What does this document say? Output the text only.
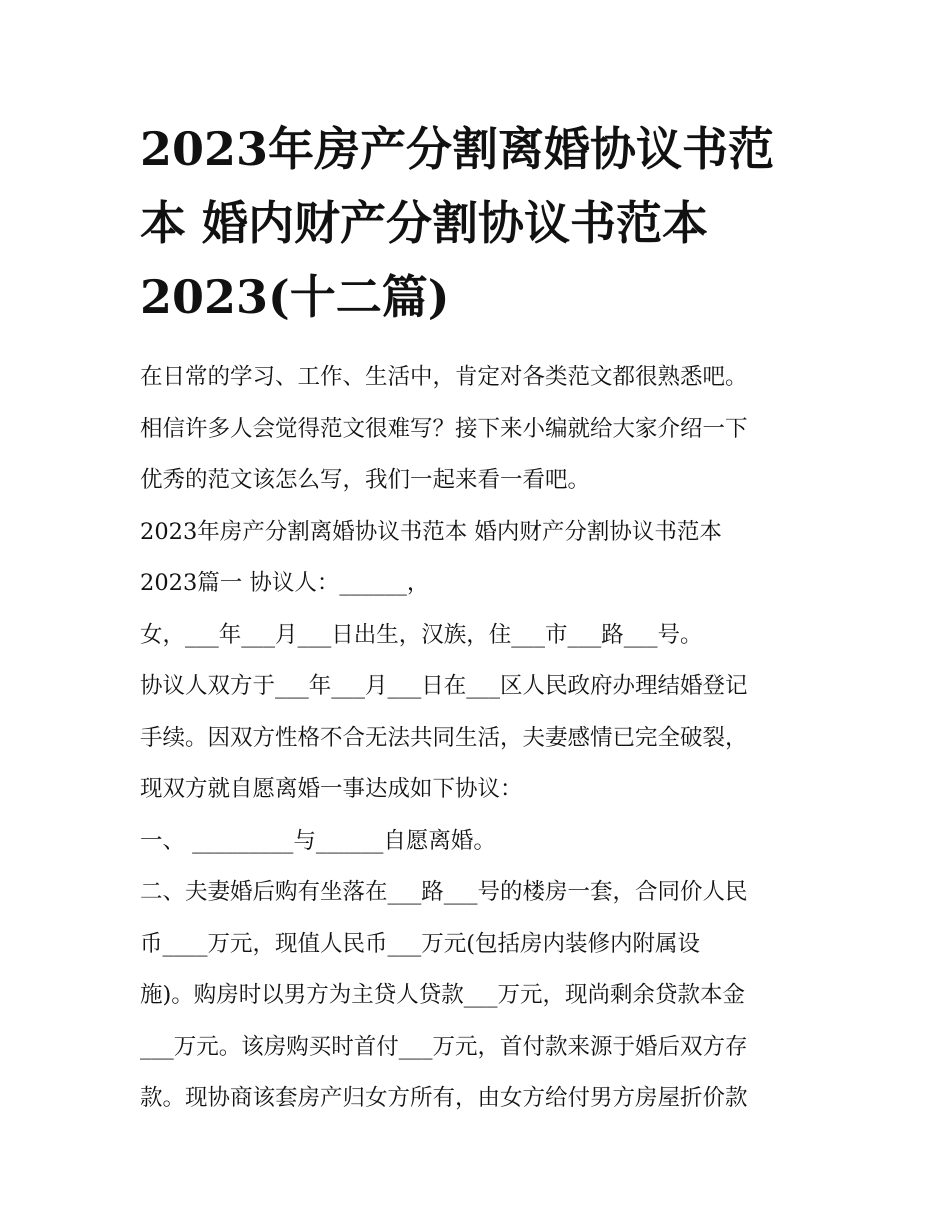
2023年房产分割离婚协议书范
本 婚内财产分割协议书范本
2023(十二篇)
在日常的学习、工作、生活中，肯定对各类范文都很熟悉吧。
相信许多人会觉得范文很难写？接下来小编就给大家介绍一下
优秀的范文该怎么写，我们一起来看一看吧。
2023年房产分割离婚协议书范本 婚内财产分割协议书范本
2023篇一 协议人：______，
女，___年___月___日出生，汉族，住___市___路___号。
协议人双方于___年___月___日在___区人民政府办理结婚登记
手续。因双方性格不合无法共同生活，夫妻感情已完全破裂，
现双方就自愿离婚一事达成如下协议：
一、 _________与______自愿离婚。
二、夫妻婚后购有坐落在___路___号的楼房一套，合同价人民
币____万元，现值人民币___万元(包括房内装修内附属设
施)。购房时以男方为主贷人贷款___万元，现尚剩余贷款本金
___万元。该房购买时首付___万元，首付款来源于婚后双方存
款。现协商该套房产归女方所有，由女方给付男方房屋折价款
